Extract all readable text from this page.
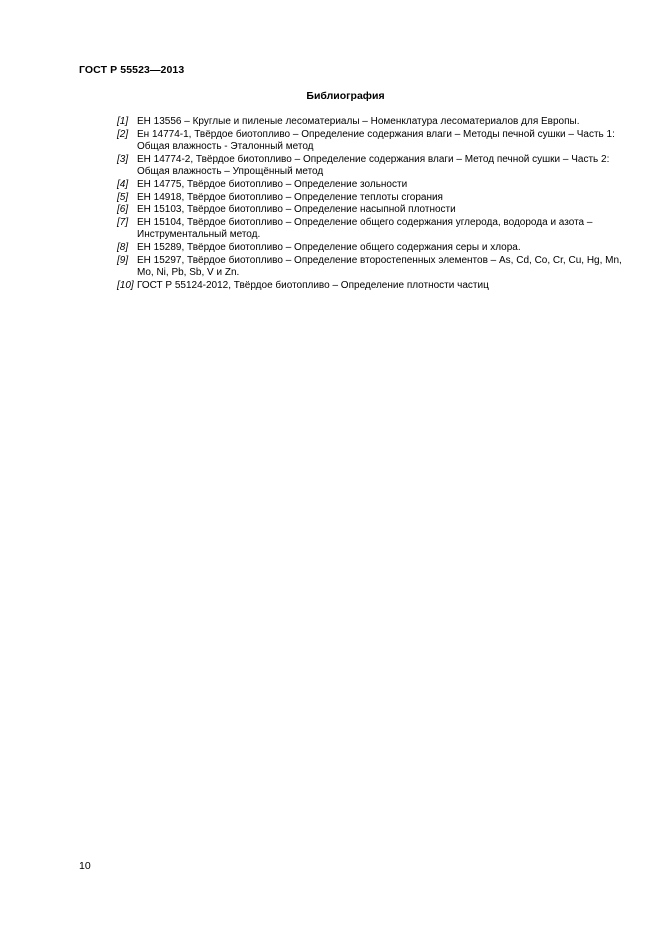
ГОСТ Р 55523—2013
Библиография
[1] ЕН 13556 – Круглые и пиленые лесоматериалы – Номенклатура лесоматериалов для Европы.
[2] Ен 14774-1, Твёрдое биотопливо – Определение содержания влаги – Методы печной сушки – Часть 1: Общая влажность - Эталонный метод
[3] ЕН 14774-2, Твёрдое биотопливо – Определение содержания влаги – Метод печной сушки – Часть 2: Общая влажность – Упрощённый метод
[4] ЕН 14775, Твёрдое биотопливо – Определение зольности
[5] ЕН 14918, Твёрдое биотопливо – Определение теплоты сгорания
[6] ЕН 15103, Твёрдое биотопливо – Определение насыпной плотности
[7] ЕН 15104, Твёрдое биотопливо – Определение общего содержания углерода, водорода и азота – Инструментальный метод.
[8] ЕН 15289, Твёрдое биотопливо – Определение общего содержания серы и хлора.
[9] ЕН 15297, Твёрдое биотопливо – Определение второстепенных элементов – As, Cd, Co, Cr, Cu, Hg, Mn, Mo, Ni, Pb, Sb, V и Zn.
[10] ГОСТ Р 55124-2012, Твёрдое биотопливо – Определение плотности частиц
10
